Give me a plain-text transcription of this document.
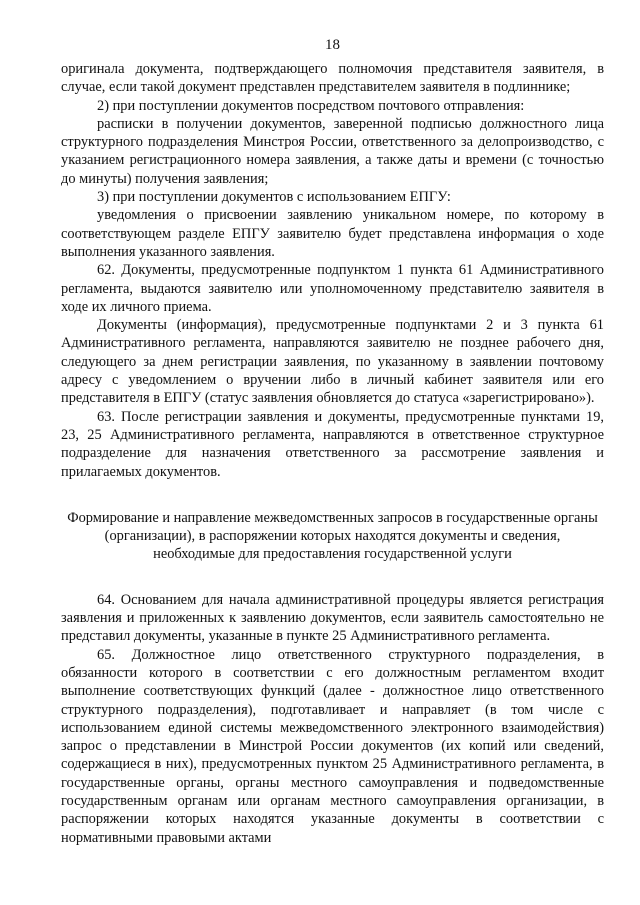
18

оригинала документа, подтверждающего полномочия представителя заявителя, в случае, если такой документ представлен представителем заявителя в подлиннике;

2) при поступлении документов посредством почтового отправления:

расписки в получении документов, заверенной подписью должностного лица структурного подразделения Минстроя России, ответственного за делопроизводство, с указанием регистрационного номера заявления, а также даты и времени (с точностью до минуты) получения заявления;

3) при поступлении документов с использованием ЕПГУ:

уведомления о присвоении заявлению уникальном номере, по которому в соответствующем разделе ЕПГУ заявителю будет представлена информация о ходе выполнения указанного заявления.

62. Документы, предусмотренные подпунктом 1 пункта 61 Административного регламента, выдаются заявителю или уполномоченному представителю заявителя в ходе их личного приема.

Документы (информация), предусмотренные подпунктами 2 и 3 пункта 61 Административного регламента, направляются заявителю не позднее рабочего дня, следующего за днем регистрации заявления, по указанному в заявлении почтовому адресу с уведомлением о вручении либо в личный кабинет заявителя или его представителя в ЕПГУ (статус заявления обновляется до статуса «зарегистрировано»).

63. После регистрации заявления и документы, предусмотренные пунктами 19, 23, 25 Административного регламента, направляются в ответственное структурное подразделение для назначения ответственного за рассмотрение заявления и прилагаемых документов.

Формирование и направление межведомственных запросов в государственные органы (организации), в распоряжении которых находятся документы и сведения, необходимые для предоставления государственной услуги

64. Основанием для начала административной процедуры является регистрация заявления и приложенных к заявлению документов, если заявитель самостоятельно не представил документы, указанные в пункте 25 Административного регламента.

65. Должностное лицо ответственного структурного подразделения, в обязанности которого в соответствии с его должностным регламентом входит выполнение соответствующих функций (далее - должностное лицо ответственного структурного подразделения), подготавливает и направляет (в том числе с использованием единой системы межведомственного электронного взаимодействия) запрос о представлении в Минстрой России документов (их копий или сведений, содержащиеся в них), предусмотренных пунктом 25 Административного регламента, в государственные органы, органы местного самоуправления и подведомственные государственным органам или органам местного самоуправления организации, в распоряжении которых находятся указанные документы в соответствии с нормативными правовыми актами
